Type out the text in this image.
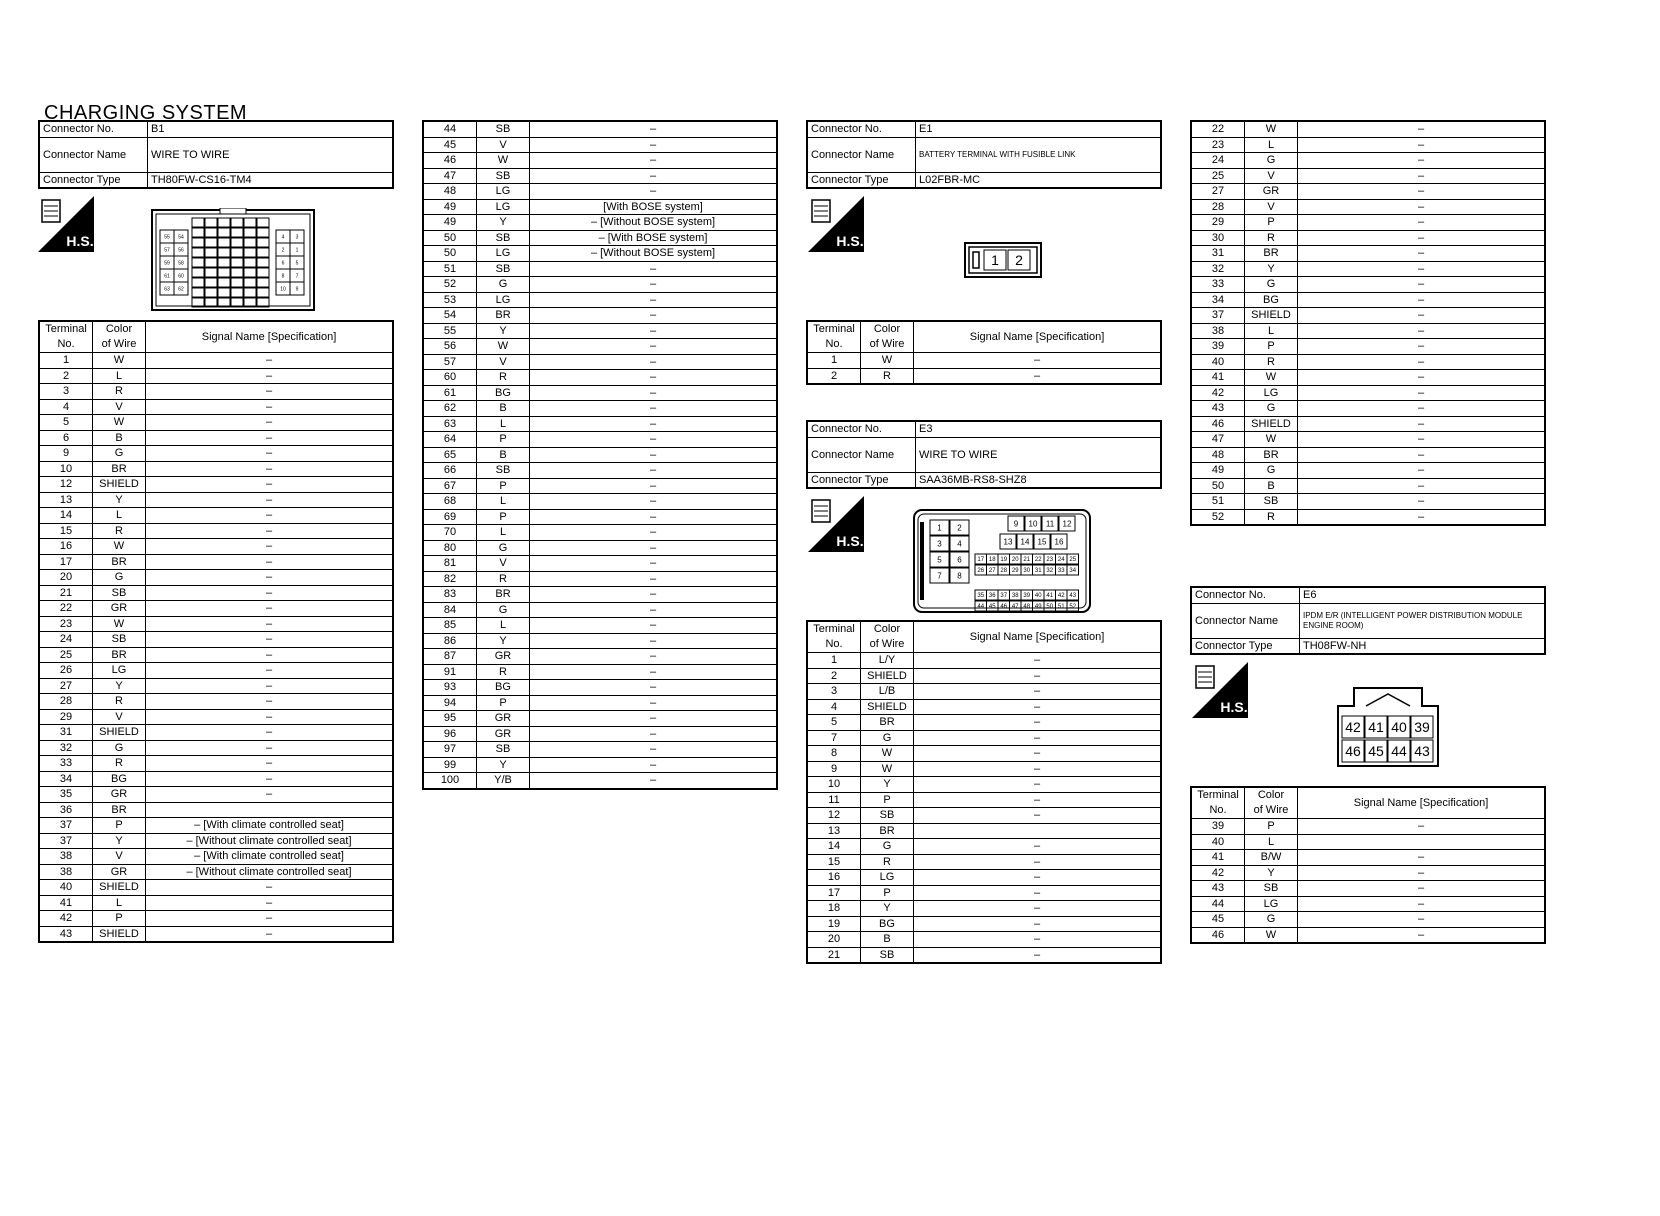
CHARGING SYSTEM
Connector No.	B1
Connector Name	WIRE TO WIRE
Connector Type	TH80FW-CS16-TM4
H.S.	H.S.
H.S.
H.S.
55 54
57 56
59 58
61 60
63 62
4 3
2 1
6 5
8 7
10 9
Terminal
No.	Color
of Wire	Signal Name [Specification]
1	W	–
2	L	–
3	R	–
4	V	–
5	W	–
6	B	–
9	G	–
10	BR	–
12	SHIELD	–
13	Y	–
14	L	–
15	R	–
16	W	–
17	BR	–
20	G	–
21	SB	–
22	GR	–
23	W	–
24	SB	–
25	BR	–
26	LG	–
27	Y	–
28	R	–
29	V	–
31	SHIELD	–
32	G	–
33	R	–
34	BG	–
35	GR	–
36	BR	
37	P	– [With climate controlled seat]
37	Y	– [Without climate controlled seat]
38	V	– [With climate controlled seat]
38	GR	– [Without climate controlled seat]
40	SHIELD	–
41	L	–
42	P	–
43	SHIELD	–
44	SB	–
45	V	–
46	W	–
47	SB	–
48	LG	–
49	LG	[With BOSE system]
49	Y	– [Without BOSE system]
50	SB	– [With BOSE system]
50	LG	– [Without BOSE system]
51	SB	–
52	G	–
53	LG	–
54	BR	–
55	Y	–
56	W	–
57	V	–
60	R	–
61	BG	–
62	B	–
63	L	–
64	P	–
65	B	–
66	SB	–
67	P	–
68	L	–
69	P	–
70	L	–
80	G	–
81	V	–
82	R	–
83	BR	–
84	G	–
85	L	–
86	Y	–
87	GR	–
91	R	–
93	BG	–
94	P	–
95	GR	–
96	GR	–
97	SB	–
99	Y	–
100	Y/B	–
Connector No.	E1
Connector Name	BATTERY TERMINAL WITH FUSIBLE LINK
Connector Type	L02FBR-MC
1 2
Terminal
No.	Color
of Wire	Signal Name [Specification]
1	W	–
2	R	–
Connector No.	E3
Connector Name	WIRE TO WIRE
Connector Type	SAA36MB-RS8-SHZ8
1 2
3 4
5 6
7 8
9 10 11 12
13 14 15 16
17 18 19 20 21 22 23 24 25
26 27 28 29 30 31 32 33 34
35 36 37 38 39 40 41 42 43
44 45 46 47 48 49 50 51 52
Terminal
No.	Color
of Wire	Signal Name [Specification]
1	L/Y	–
2	SHIELD	–
3	L/B	–
4	SHIELD	–
5	BR	–
7	G	–
8	W	–
9	W	–
10	Y	–
11	P	–
12	SB	–
13	BR	
14	G	–
15	R	–
16	LG	–
17	P	–
18	Y	–
19	BG	–
20	B	–
21	SB	–
22	W	–
23	L	–
24	G	–
25	V	–
27	GR	–
28	V	–
29	P	–
30	R	–
31	BR	–
32	Y	–
33	G	–
34	BG	–
37	SHIELD	–
38	L	–
39	P	–
40	R	–
41	W	–
42	LG	–
43	G	–
46	SHIELD	–
47	W	–
48	BR	–
49	G	–
50	B	–
51	SB	–
52	R	–
Connector No.	E6
Connector Name	IPDM E/R (INTELLIGENT POWER DISTRIBUTION MODULE ENGINE ROOM)
Connector Type	TH08FW-NH
42 41 40 39
46 45 44 43
Terminal
No.	Color
of Wire	Signal Name [Specification]
39	P	–
40	L	
41	B/W	–
42	Y	–
43	SB	–
44	LG	–
45	G	–
46	W	–
